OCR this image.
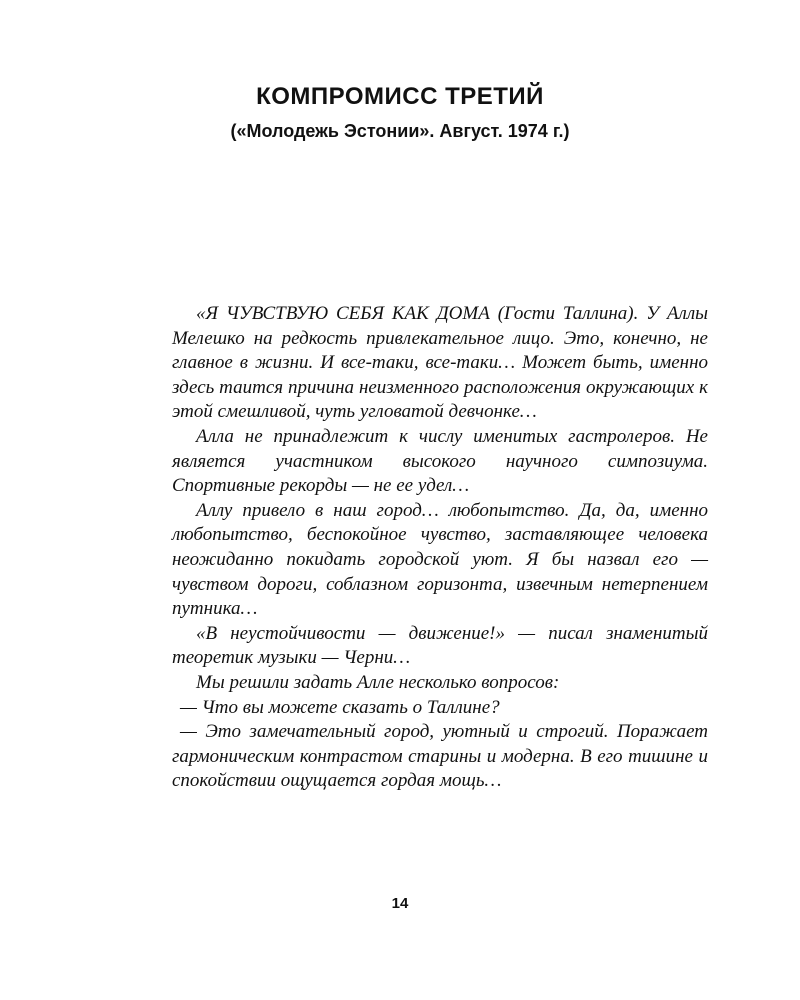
КОМПРОМИСС ТРЕТИЙ
(«Молодежь Эстонии». Август. 1974 г.)

«Я ЧУВСТВУЮ СЕБЯ КАК ДОМА (Гости Таллина). У Аллы Мелешко на редкость привлекательное лицо. Это, конечно, не главное в жизни. И все-таки, все-таки… Может быть, именно здесь таится причина неизменного расположения окружающих к этой смешливой, чуть угловатой девчонке…

Алла не принадлежит к числу именитых гастролеров. Не является участником высокого научного симпозиума. Спортивные рекорды — не ее удел…

Аллу привело в наш город… любопытство. Да, да, именно любопытство, беспокойное чувство, заставляющее человека неожиданно покидать городской уют. Я бы назвал его — чувством дороги, соблазном горизонта, извечным нетерпением путника…

«В неустойчивости — движение!» — писал знаменитый теоретик музыки — Черни…

Мы решили задать Алле несколько вопросов:

— Что вы можете сказать о Таллине?

— Это замечательный город, уютный и строгий. Поражает гармоническим контрастом старины и модерна. В его тишине и спокойствии ощущается гордая мощь…

14
